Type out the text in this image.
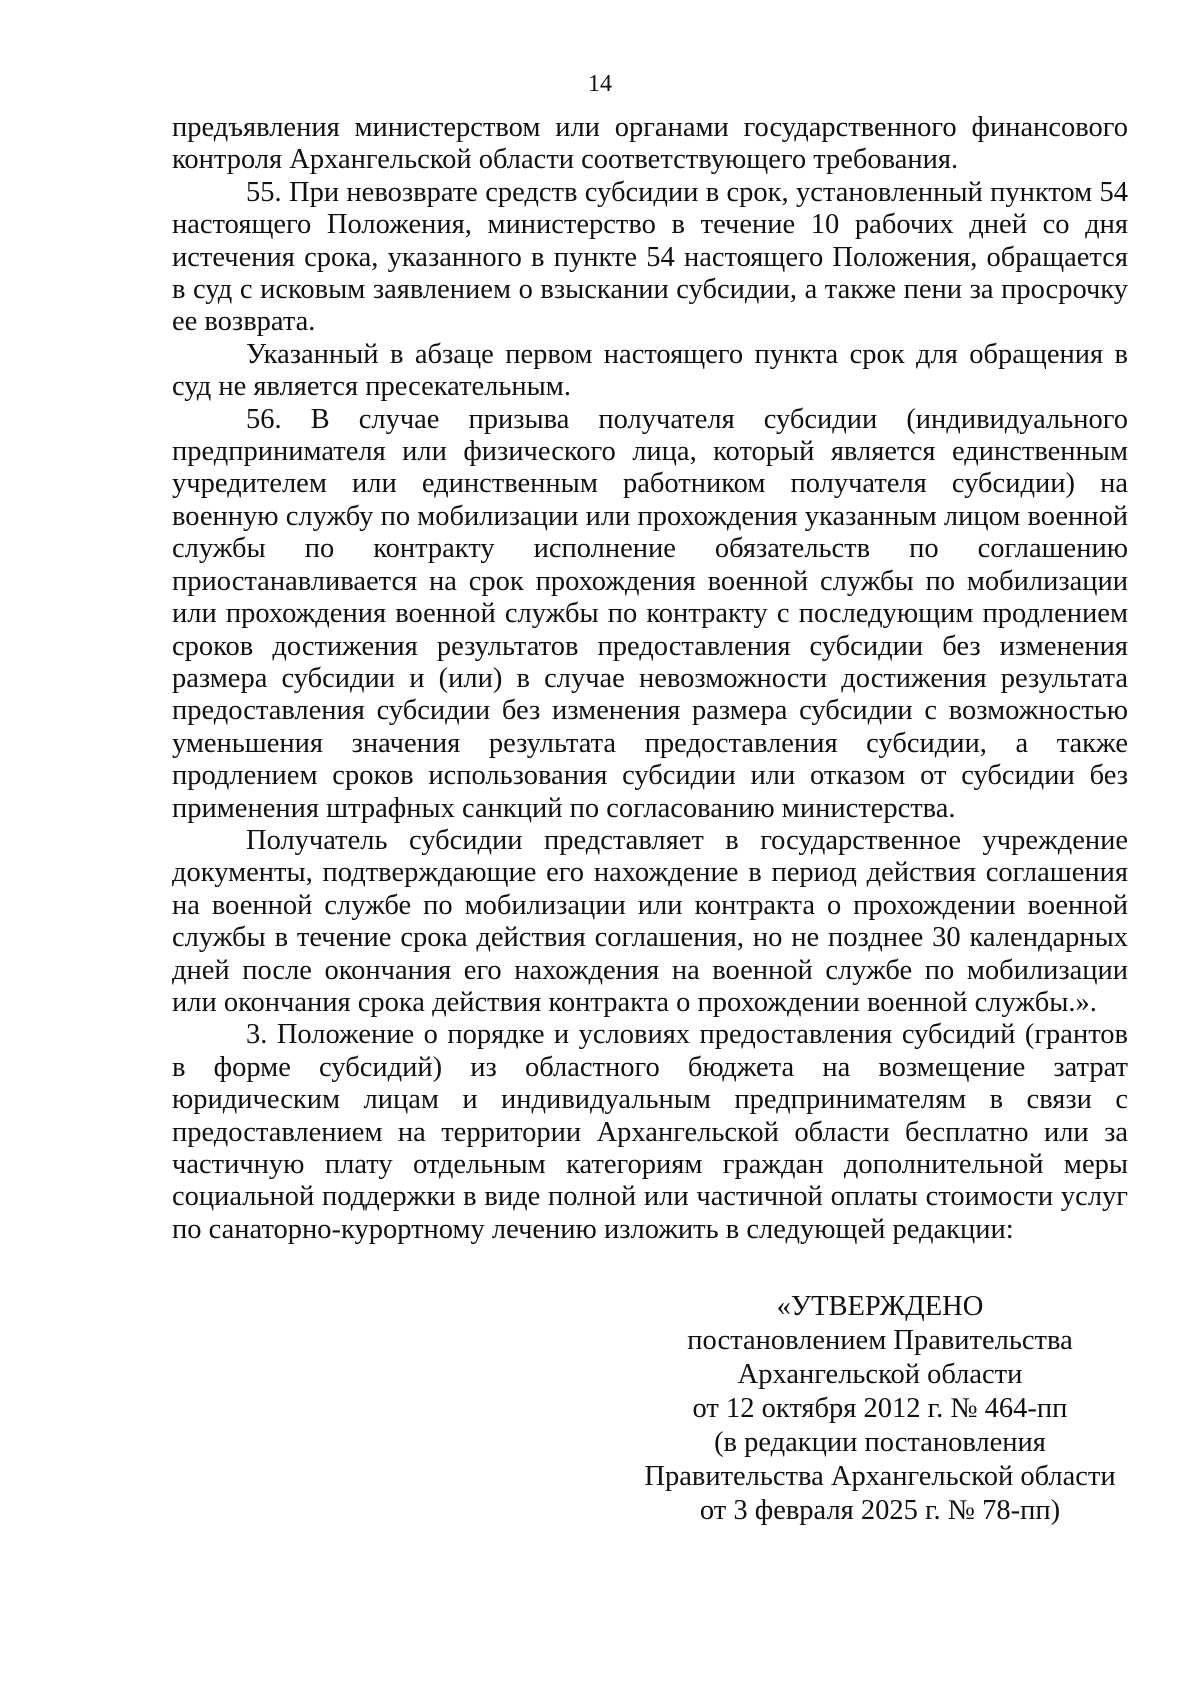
14

предъявления министерством или органами государственного финансового контроля Архангельской области соответствующего требования.

55. При невозврате средств субсидии в срок, установленный пунктом 54 настоящего Положения, министерство в течение 10 рабочих дней со дня истечения срока, указанного в пункте 54 настоящего Положения, обращается в суд с исковым заявлением о взыскании субсидии, а также пени за просрочку ее возврата.

Указанный в абзаце первом настоящего пункта срок для обращения в суд не является пресекательным.

56. В случае призыва получателя субсидии (индивидуального предпринимателя или физического лица, который является единственным учредителем или единственным работником получателя субсидии) на военную службу по мобилизации или прохождения указанным лицом военной службы по контракту исполнение обязательств по соглашению приостанавливается на срок прохождения военной службы по мобилизации или прохождения военной службы по контракту с последующим продлением сроков достижения результатов предоставления субсидии без изменения размера субсидии и (или) в случае невозможности достижения результата предоставления субсидии без изменения размера субсидии с возможностью уменьшения значения результата предоставления субсидии, а также продлением сроков использования субсидии или отказом от субсидии без применения штрафных санкций по согласованию министерства.

Получатель субсидии представляет в государственное учреждение документы, подтверждающие его нахождение в период действия соглашения на военной службе по мобилизации или контракта о прохождении военной службы в течение срока действия соглашения, но не позднее 30 календарных дней после окончания его нахождения на военной службе по мобилизации или окончания срока действия контракта о прохождении военной службы.».

3. Положение о порядке и условиях предоставления субсидий (грантов в форме субсидий) из областного бюджета на возмещение затрат юридическим лицам и индивидуальным предпринимателям в связи с предоставлением на территории Архангельской области бесплатно или за частичную плату отдельным категориям граждан дополнительной меры социальной поддержки в виде полной или частичной оплаты стоимости услуг по санаторно-курортному лечению изложить в следующей редакции:

«УТВЕРЖДЕНО
постановлением Правительства
Архангельской области
от 12 октября 2012 г. № 464-пп
(в редакции постановления
Правительства Архангельской области
от 3 февраля 2025 г. № 78-пп)
